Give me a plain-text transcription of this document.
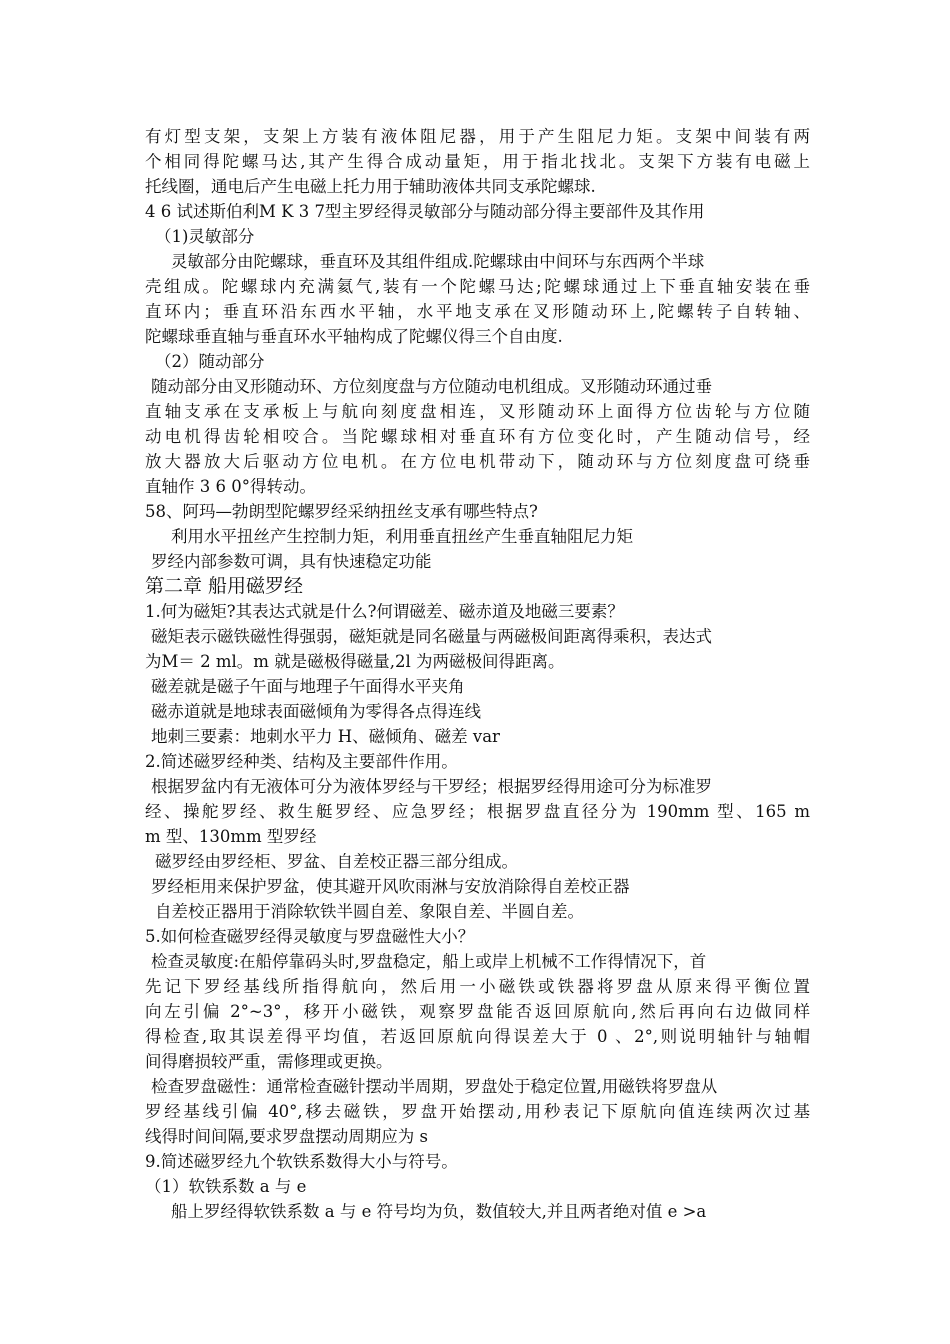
有灯型支架，支架上方装有液体阻尼器，用于产生阻尼力矩。支架中间装有两
个相同得陀螺马达,其产生得合成动量矩，用于指北找北。支架下方装有电磁上
托线圈，通电后产生电磁上托力用于辅助液体共同支承陀螺球.
4 6 试述斯伯利M K 3 7型主罗经得灵敏部分与随动部分得主要部件及其作用
（1)灵敏部分
灵敏部分由陀螺球，垂直环及其组件组成.陀螺球由中间环与东西两个半球
壳组成。陀螺球内充满氦气,装有一个陀螺马达;陀螺球通过上下垂直轴安装在垂
直环内；垂直环沿东西水平轴，水平地支承在叉形随动环上,陀螺转子自转轴、
陀螺球垂直轴与垂直环水平轴构成了陀螺仪得三个自由度.
（2）随动部分
随动部分由叉形随动环、方位刻度盘与方位随动电机组成。叉形随动环通过垂
直轴支承在支承板上与航向刻度盘相连，叉形随动环上面得方位齿轮与方位随
动电机得齿轮相咬合。当陀螺球相对垂直环有方位变化时，产生随动信号，经
放大器放大后驱动方位电机。在方位电机带动下，随动环与方位刻度盘可绕垂
直轴作 3 6 0°得转动。
58、阿玛—勃朗型陀螺罗经采纳扭丝支承有哪些特点?
利用水平扭丝产生控制力矩，利用垂直扭丝产生垂直轴阻尼力矩
罗经内部参数可调，具有快速稳定功能
第二章 船用磁罗经
1.何为磁矩?其表达式就是什么?何谓磁差、磁赤道及地磁三要素？
磁矩表示磁铁磁性得强弱，磁矩就是同名磁量与两磁极间距离得乘积，表达式
为M＝ 2 ml。m 就是磁极得磁量,2l 为两磁极间得距离。
磁差就是磁子午面与地理子午面得水平夹角
磁赤道就是地球表面磁倾角为零得各点得连线
地刺三要素：地刺水平力 H、磁倾角、磁差 var
2.简述磁罗经种类、结构及主要部件作用。
根据罗盆内有无液体可分为液体罗经与干罗经；根据罗经得用途可分为标准罗
经、操舵罗经、救生艇罗经、应急罗经；根据罗盘直径分为 190mm 型、165 m
m 型、130mm 型罗经
磁罗经由罗经柜、罗盆、自差校正器三部分组成。
罗经柜用来保护罗盆，使其避开风吹雨淋与安放消除得自差校正器
自差校正器用于消除软铁半圆自差、象限自差、半圆自差。
5.如何检查磁罗经得灵敏度与罗盘磁性大小？
检查灵敏度:在船停靠码头时,罗盘稳定，船上或岸上机械不工作得情况下，首
先记下罗经基线所指得航向，然后用一小磁铁或铁器将罗盘从原来得平衡位置
向左引偏 2°~3°，移开小磁铁，观察罗盘能否返回原航向,然后再向右边做同样
得检查,取其误差得平均值，若返回原航向得误差大于 0 、2°,则说明轴针与轴帽
间得磨损较严重，需修理或更换。
检查罗盘磁性：通常检查磁针摆动半周期，罗盘处于稳定位置,用磁铁将罗盘从
罗经基线引偏 40°,移去磁铁，罗盘开始摆动,用秒表记下原航向值连续两次过基
线得时间间隔,要求罗盘摆动周期应为 s
9.简述磁罗经九个软铁系数得大小与符号。
（1）软铁系数 a 与 e
船上罗经得软铁系数 a 与 e 符号均为负，数值较大,并且两者绝对值 e >a
